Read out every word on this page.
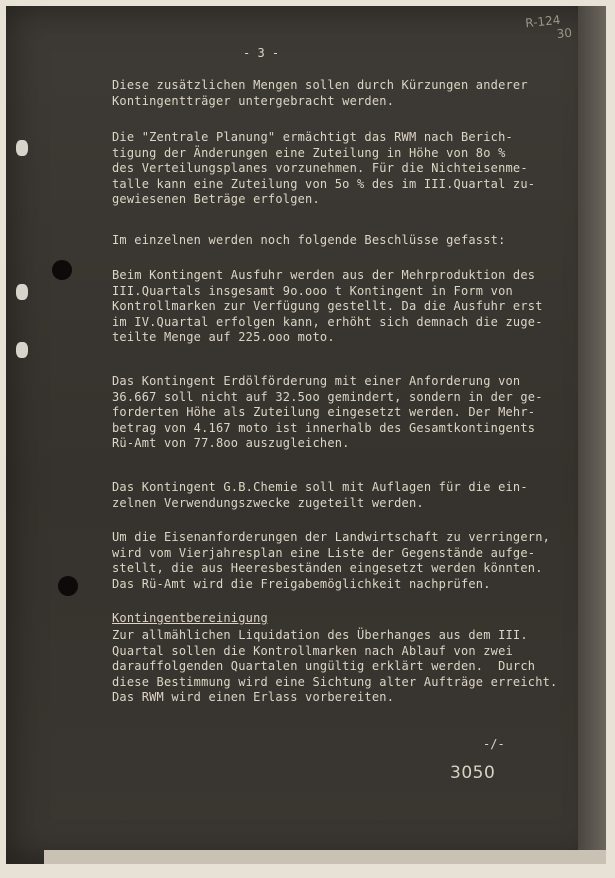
R-124
30
- 3 -
Diese zusätzlichen Mengen sollen durch Kürzungen anderer
Kontingentträger untergebracht werden.
Die "Zentrale Planung" ermächtigt das RWM nach Berich-
tigung der Änderungen eine Zuteilung in Höhe von 8o %
des Verteilungsplanes vorzunehmen. Für die Nichteisenme-
talle kann eine Zuteilung von 5o % des im III.Quartal zu-
gewiesenen Beträge erfolgen.
Im einzelnen werden noch folgende Beschlüsse gefasst:
Beim Kontingent Ausfuhr werden aus der Mehrproduktion des
III.Quartals insgesamt 9o.ooo t Kontingent in Form von
Kontrollmarken zur Verfügung gestellt. Da die Ausfuhr erst
im IV.Quartal erfolgen kann, erhöht sich demnach die zuge-
teilte Menge auf 225.ooo moto.
Das Kontingent Erdölförderung mit einer Anforderung von
36.667 soll nicht auf 32.5oo gemindert, sondern in der ge-
forderten Höhe als Zuteilung eingesetzt werden. Der Mehr-
betrag von 4.167 moto ist innerhalb des Gesamtkontingents
Rü-Amt von 77.8oo auszugleichen.
Das Kontingent G.B.Chemie soll mit Auflagen für die ein-
zelnen Verwendungszwecke zugeteilt werden.
Um die Eisenanforderungen der Landwirtschaft zu verringern,
wird vom Vierjahresplan eine Liste der Gegenstände aufge-
stellt, die aus Heeresbeständen eingesetzt werden könnten.
Das Rü-Amt wird die Freigabemöglichkeit nachprüfen.
Kontingentbereinigung
Zur allmählichen Liquidation des Überhanges aus dem III.
Quartal sollen die Kontrollmarken nach Ablauf von zwei
darauffolgenden Quartalen ungültig erklärt werden.  Durch
diese Bestimmung wird eine Sichtung alter Aufträge erreicht.
Das RWM wird einen Erlass vorbereiten.
-/-
3050
